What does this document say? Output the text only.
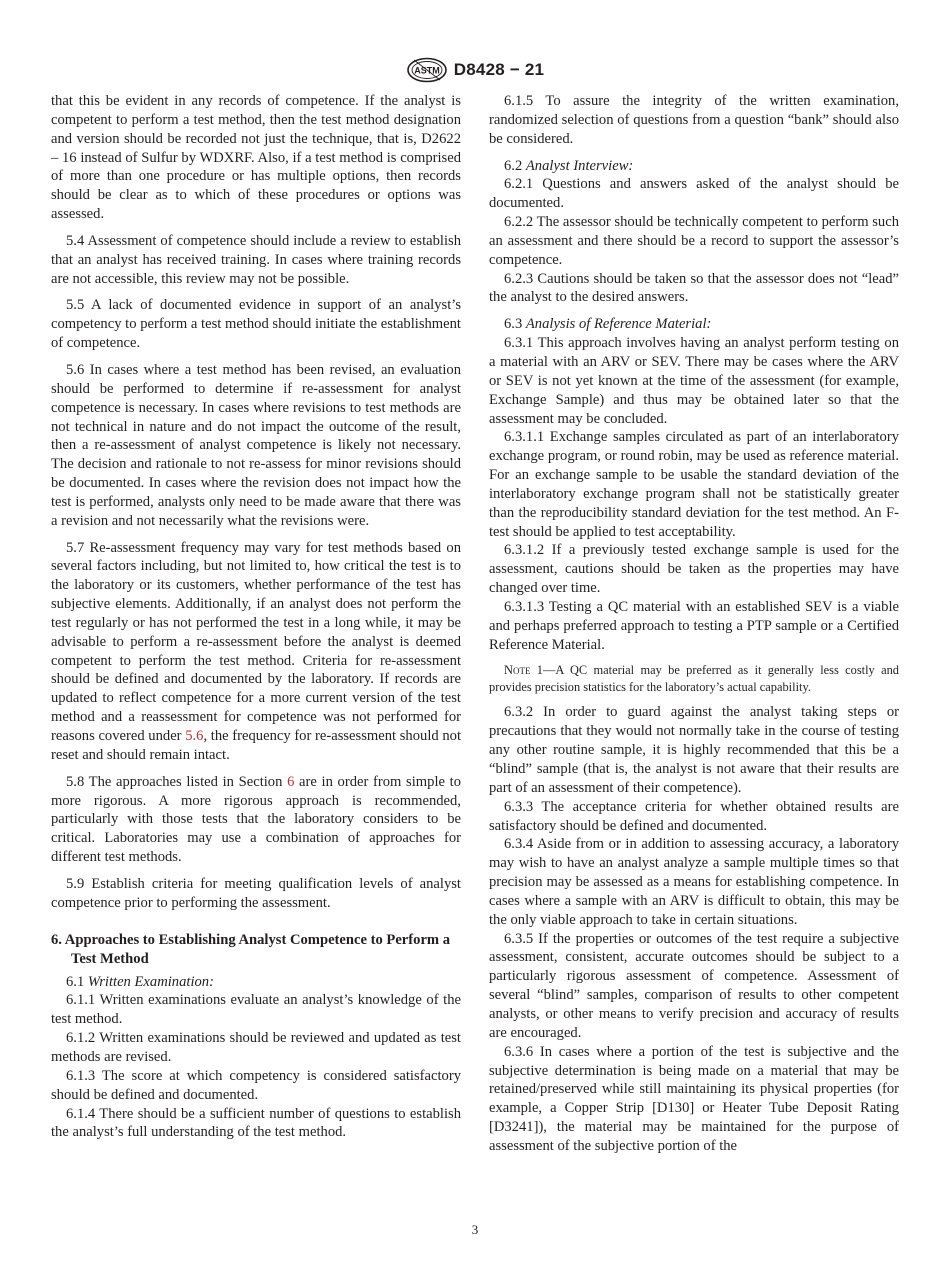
ASTM D8428 − 21

that this be evident in any records of competence. If the analyst is competent to perform a test method, then the test method designation and version should be recorded not just the technique, that is, D2622 – 16 instead of Sulfur by WDXRF. Also, if a test method is comprised of more than one procedure or has multiple options, then records should be clear as to which of these procedures or options was assessed.

5.4 Assessment of competence should include a review to establish that an analyst has received training. In cases where training records are not accessible, this review may not be possible.

5.5 A lack of documented evidence in support of an analyst’s competency to perform a test method should initiate the establishment of competence.

5.6 In cases where a test method has been revised, an evaluation should be performed to determine if re-assessment for analyst competence is necessary. In cases where revisions to test methods are not technical in nature and do not impact the outcome of the result, then a re-assessment of analyst competence is likely not necessary. The decision and rationale to not re-assess for minor revisions should be documented. In cases where the revision does not impact how the test is performed, analysts only need to be made aware that there was a revision and not necessarily what the revisions were.

5.7 Re-assessment frequency may vary for test methods based on several factors including, but not limited to, how critical the test is to the laboratory or its customers, whether performance of the test has subjective elements. Additionally, if an analyst does not perform the test regularly or has not performed the test in a long while, it may be advisable to perform a re-assessment before the analyst is deemed competent to perform the test method. Criteria for re-assessment should be defined and documented by the laboratory. If records are updated to reflect competence for a more current version of the test method and a reassessment for competence was not performed for reasons covered under 5.6, the frequency for re-assessment should not reset and should remain intact.

5.8 The approaches listed in Section 6 are in order from simple to more rigorous. A more rigorous approach is recommended, particularly with those tests that the laboratory considers to be critical. Laboratories may use a combination of approaches for different test methods.

5.9 Establish criteria for meeting qualification levels of analyst competence prior to performing the assessment.

6. Approaches to Establishing Analyst Competence to Perform a Test Method

6.1 Written Examination:

6.1.1 Written examinations evaluate an analyst’s knowledge of the test method.

6.1.2 Written examinations should be reviewed and updated as test methods are revised.

6.1.3 The score at which competency is considered satisfactory should be defined and documented.

6.1.4 There should be a sufficient number of questions to establish the analyst’s full understanding of the test method.

6.1.5 To assure the integrity of the written examination, randomized selection of questions from a question “bank” should also be considered.

6.2 Analyst Interview:

6.2.1 Questions and answers asked of the analyst should be documented.

6.2.2 The assessor should be technically competent to perform such an assessment and there should be a record to support the assessor’s competence.

6.2.3 Cautions should be taken so that the assessor does not “lead” the analyst to the desired answers.

6.3 Analysis of Reference Material:

6.3.1 This approach involves having an analyst perform testing on a material with an ARV or SEV. There may be cases where the ARV or SEV is not yet known at the time of the assessment (for example, Exchange Sample) and thus may be obtained later so that the assessment may be concluded.

6.3.1.1 Exchange samples circulated as part of an interlaboratory exchange program, or round robin, may be used as reference material. For an exchange sample to be usable the standard deviation of the interlaboratory exchange program shall not be statistically greater than the reproducibility standard deviation for the test method. An F-test should be applied to test acceptability.

6.3.1.2 If a previously tested exchange sample is used for the assessment, cautions should be taken as the properties may have changed over time.

6.3.1.3 Testing a QC material with an established SEV is a viable and perhaps preferred approach to testing a PTP sample or a Certified Reference Material.

Note 1—A QC material may be preferred as it generally less costly and provides precision statistics for the laboratory’s actual capability.

6.3.2 In order to guard against the analyst taking steps or precautions that they would not normally take in the course of testing any other routine sample, it is highly recommended that this be a “blind” sample (that is, the analyst is not aware that their results are part of an assessment of their competence).

6.3.3 The acceptance criteria for whether obtained results are satisfactory should be defined and documented.

6.3.4 Aside from or in addition to assessing accuracy, a laboratory may wish to have an analyst analyze a sample multiple times so that precision may be assessed as a means for establishing competence. In cases where a sample with an ARV is difficult to obtain, this may be the only viable approach to take in certain situations.

6.3.5 If the properties or outcomes of the test require a subjective assessment, consistent, accurate outcomes should be subject to a particularly rigorous assessment of competence. Assessment of several “blind” samples, comparison of results to other competent analysts, or other means to verify precision and accuracy of results are encouraged.

6.3.6 In cases where a portion of the test is subjective and the subjective determination is being made on a material that may be retained/preserved while still maintaining its physical properties (for example, a Copper Strip [D130] or Heater Tube Deposit Rating [D3241]), the material may be maintained for the purpose of assessment of the subjective portion of the

3
